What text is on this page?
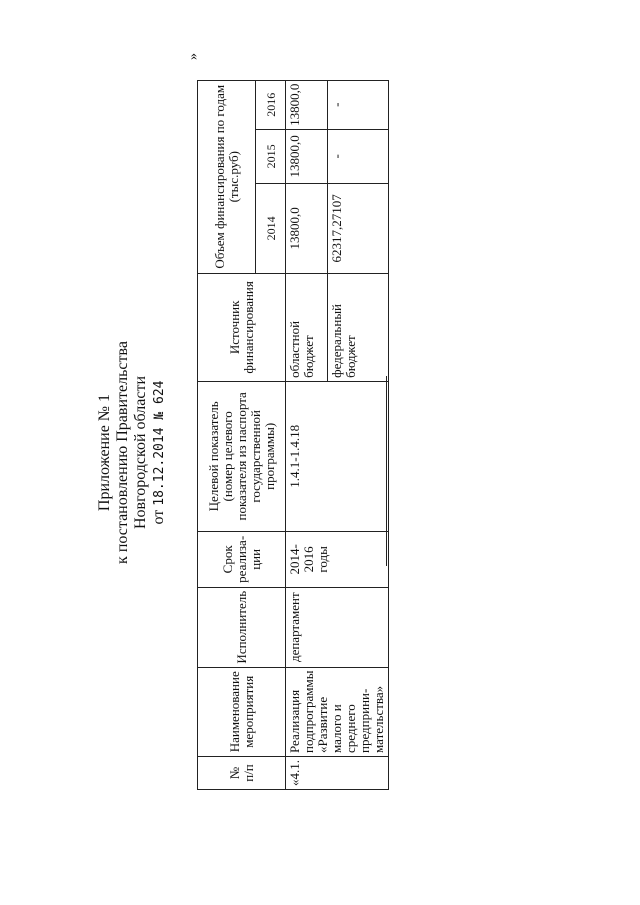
Приложение № 1 к постановлению Правительства Новгородской области от 18.12.2014 № 624
№ п/п	Наименование мероприятия	Исполнитель	Срок реализа-ции	Целевой показатель (номер целевого показателя из паспорта государственной программы)	Источник финансирования	Объем финансирования по годам (тыс.руб)		
						2014	2015	2016
«4.1.	Реализация подпрограммы «Развитие малого и среднего предприни-мательства»	департамент	2014-2016 годы	1.4.1-1.4.18	областной бюджет	13800,0	13800,0	13800,0
					федеральный бюджет	62317,27107	-	-
»
